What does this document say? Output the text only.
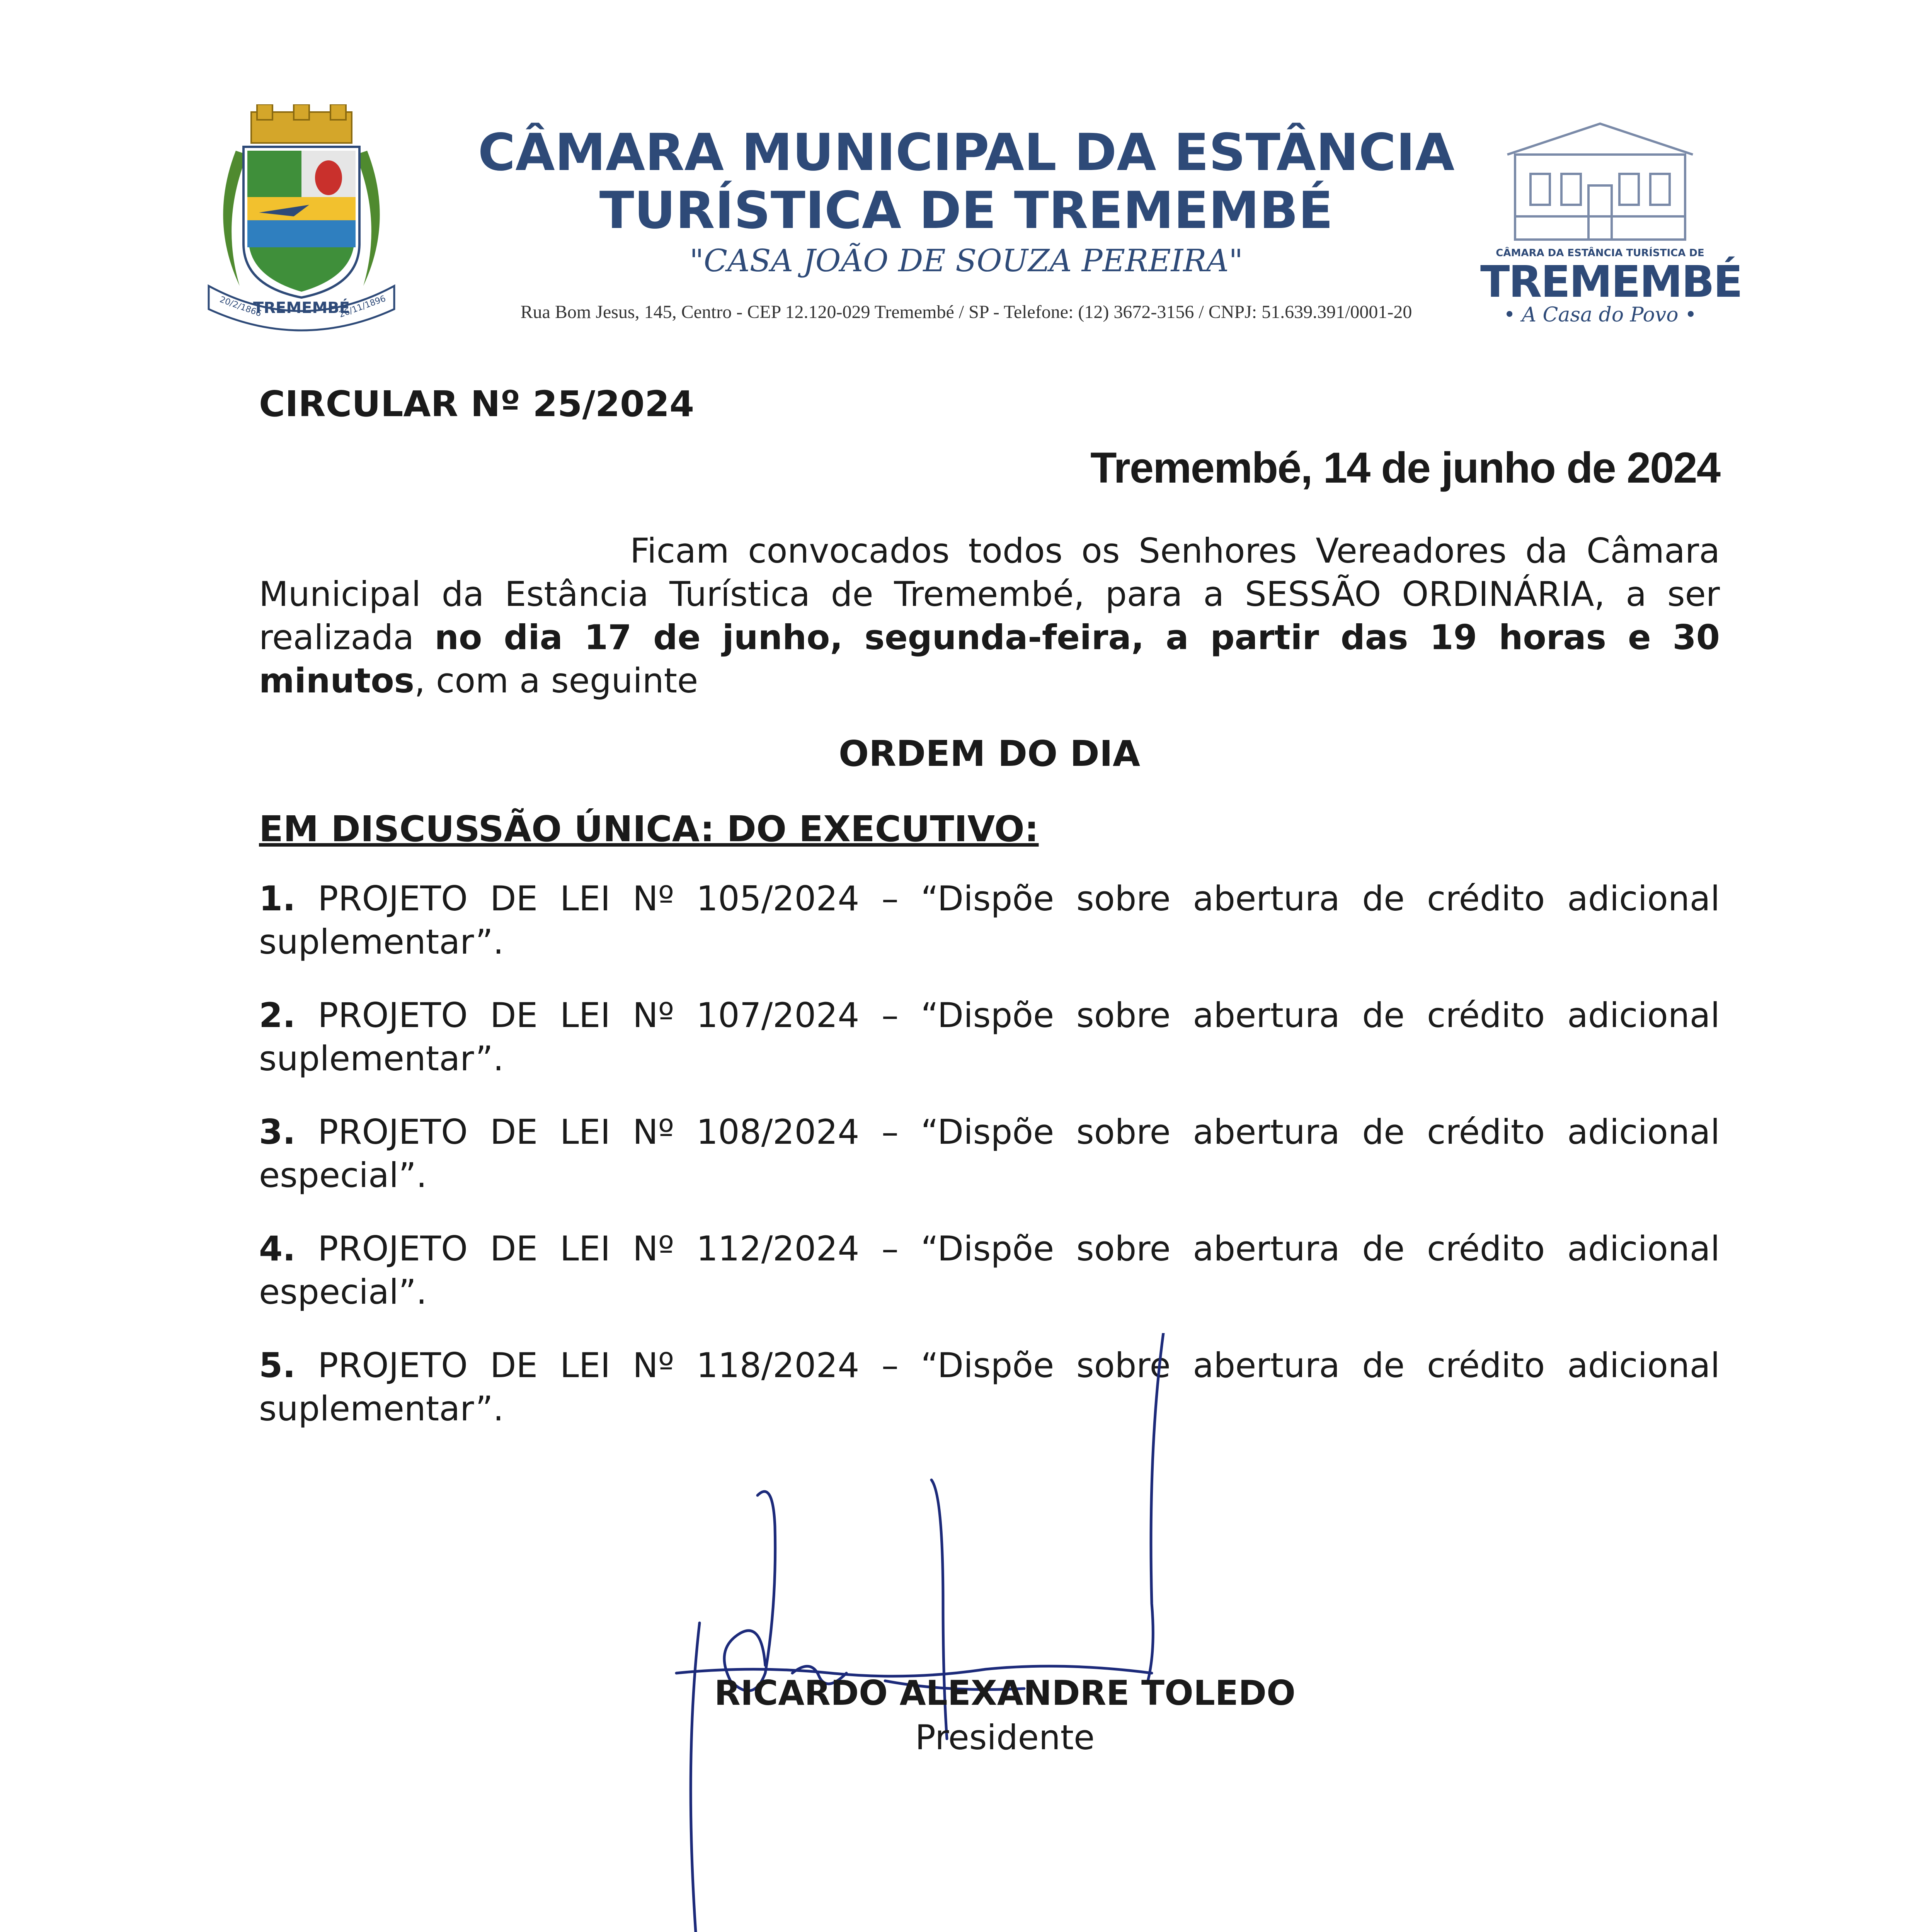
TREMEMBÉ
20/2/1866	26/11/1896
CÂMARA MUNICIPAL DA ESTÂNCIA
TURÍSTICA DE TREMEMBÉ
"CASA JOÃO DE SOUZA PEREIRA"
Rua Bom Jesus, 145, Centro - CEP 12.120-029 Tremembé / SP - Telefone: (12) 3672-3156 / CNPJ: 51.639.391/0001-20
CÂMARA DA ESTÂNCIA TURÍSTICA DE
TREMEMBÉ
• A Casa do Povo •
CIRCULAR Nº 25/2024
Tremembé, 14 de junho de 2024
Ficam convocados todos os Senhores Vereadores da Câmara Municipal da Estância Turística de Tremembé, para a SESSÃO ORDINÁRIA, a ser realizada no dia 17 de junho, segunda-feira, a partir das 19 horas e 30 minutos, com a seguinte
ORDEM DO DIA
EM DISCUSSÃO ÚNICA: DO EXECUTIVO:
1. PROJETO DE LEI Nº 105/2024 – “Dispõe sobre abertura de crédito adicional suplementar”.
2. PROJETO DE LEI Nº 107/2024 – “Dispõe sobre abertura de crédito adicional suplementar”.
3. PROJETO DE LEI Nº 108/2024 – “Dispõe sobre abertura de crédito adicional especial”.
4. PROJETO DE LEI Nº 112/2024 – “Dispõe sobre abertura de crédito adicional especial”.
5. PROJETO DE LEI Nº 118/2024 – “Dispõe sobre abertura de crédito adicional suplementar”.
RICARDO ALEXANDRE TOLEDO
Presidente
